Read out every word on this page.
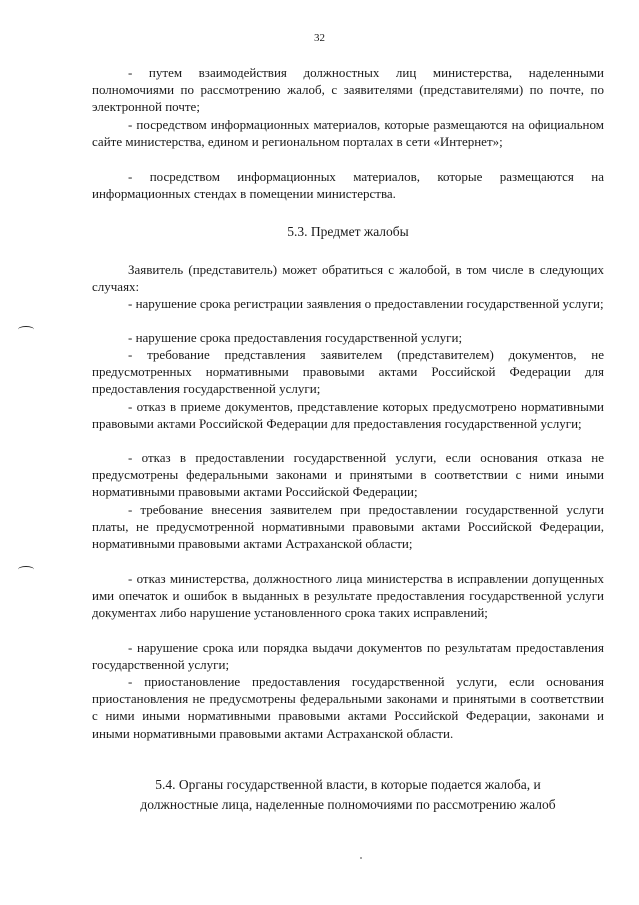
32

- путем взаимодействия должностных лиц министерства, наделенными полномочиями по рассмотрению жалоб, с заявителями (представителями) по почте, по электронной почте;

- посредством информационных материалов, которые размещаются на официальном сайте министерства, едином и региональном порталах в сети «Интернет»;

- посредством информационных материалов, которые размещаются на информационных стендах в помещении министерства.

5.3. Предмет жалобы

Заявитель (представитель) может обратиться с жалобой, в том числе в следующих случаях:

- нарушение срока регистрации заявления о предоставлении государственной услуги;

- нарушение срока предоставления государственной услуги;

- требование представления заявителем (представителем) документов, не предусмотренных нормативными правовыми актами Российской Федерации для предоставления государственной услуги;

- отказ в приеме документов, представление которых предусмотрено нормативными правовыми актами Российской Федерации для предоставления государственной услуги;

- отказ в предоставлении государственной услуги, если основания отказа не предусмотрены федеральными законами и принятыми в соответствии с ними иными нормативными правовыми актами Российской Федерации;

- требование внесения заявителем при предоставлении государственной услуги платы, не предусмотренной нормативными правовыми актами Российской Федерации, нормативными правовыми актами Астраханской области;

- отказ министерства, должностного лица министерства в исправлении допущенных ими опечаток и ошибок в выданных в результате предоставления государственной услуги документах либо нарушение установленного срока таких исправлений;

- нарушение срока или порядка выдачи документов по результатам предоставления государственной услуги;

- приостановление предоставления государственной услуги, если основания приостановления не предусмотрены федеральными законами и принятыми в соответствии с ними иными нормативными правовыми актами Российской Федерации, законами и иными нормативными правовыми актами Астраханской области.

5.4. Органы государственной власти, в которые подается жалоба, и

должностные лица, наделенные полномочиями по рассмотрению жалоб
